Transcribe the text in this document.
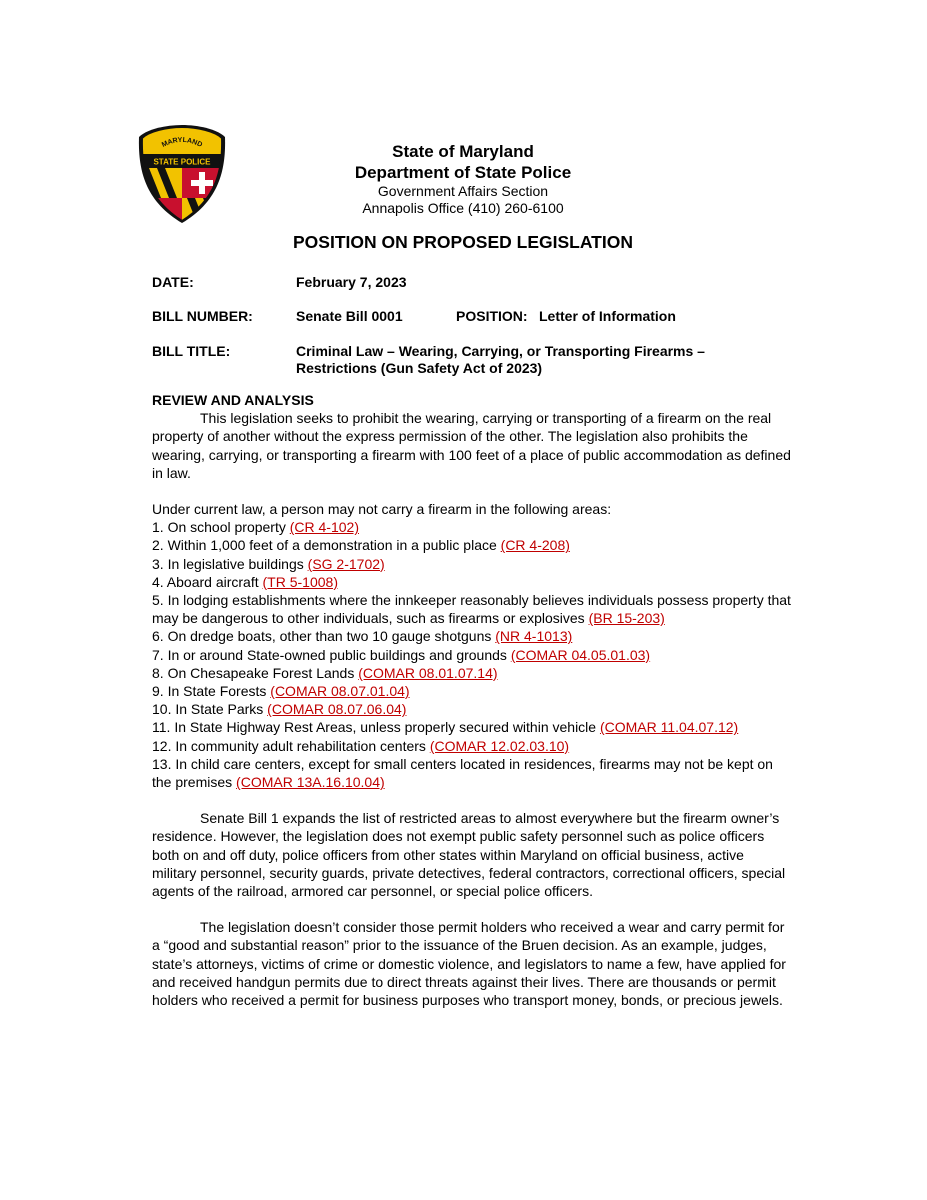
MARYLAND
STATE POLICE
State of Maryland
Department of State Police
Government Affairs Section
Annapolis Office (410) 260-6100
POSITION ON PROPOSED LEGISLATION
DATE:	February 7, 2023
BILL NUMBER:	Senate Bill 0001	POSITION: Letter of Information
BILL TITLE:	Criminal Law – Wearing, Carrying, or Transporting Firearms –
Restrictions (Gun Safety Act of 2023)

REVIEW AND ANALYSIS

This legislation seeks to prohibit the wearing, carrying or transporting of a firearm on the real property of another without the express permission of the other. The legislation also prohibits the wearing, carrying, or transporting a firearm with 100 feet of a place of public accommodation as defined in law.

Under current law, a person may not carry a firearm in the following areas:

1. On school property (CR 4-102)

2. Within 1,000 feet of a demonstration in a public place (CR 4-208)

3. In legislative buildings (SG 2-1702)

4. Aboard aircraft (TR 5-1008)

5. In lodging establishments where the innkeeper reasonably believes individuals possess property that may be dangerous to other individuals, such as firearms or explosives (BR 15-203)

6. On dredge boats, other than two 10 gauge shotguns (NR 4-1013)

7. In or around State-owned public buildings and grounds (COMAR 04.05.01.03)

8. On Chesapeake Forest Lands (COMAR 08.01.07.14)

9. In State Forests (COMAR 08.07.01.04)

10. In State Parks (COMAR 08.07.06.04)

11. In State Highway Rest Areas, unless properly secured within vehicle (COMAR 11.04.07.12)

12. In community adult rehabilitation centers (COMAR 12.02.03.10)

13. In child care centers, except for small centers located in residences, firearms may not be kept on the premises (COMAR 13A.16.10.04)

Senate Bill 1 expands the list of restricted areas to almost everywhere but the firearm owner’s residence. However, the legislation does not exempt public safety personnel such as police officers both on and off duty, police officers from other states within Maryland on official business, active military personnel, security guards, private detectives, federal contractors, correctional officers, special agents of the railroad, armored car personnel, or special police officers.

The legislation doesn’t consider those permit holders who received a wear and carry permit for a “good and substantial reason” prior to the issuance of the Bruen decision. As an example, judges, state’s attorneys, victims of crime or domestic violence, and legislators to name a few, have applied for and received handgun permits due to direct threats against their lives. There are thousands or permit holders who received a permit for business purposes who transport money, bonds, or precious jewels.
